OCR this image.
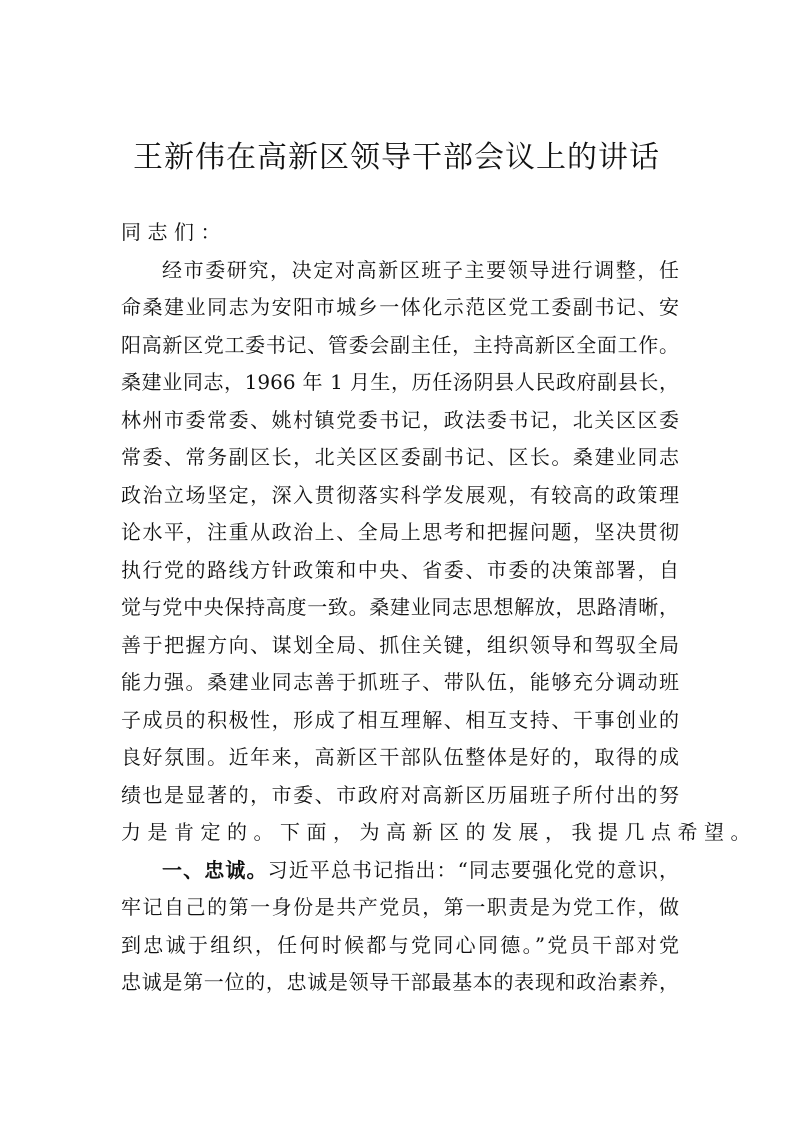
王新伟在高新区领导干部会议上的讲话
同志们：
经市委研究，决定对高新区班子主要领导进行调整，任
命桑建业同志为安阳市城乡一体化示范区党工委副书记、安
阳高新区党工委书记、管委会副主任，主持高新区全面工作。
桑建业同志，1966 年 1 月生，历任汤阴县人民政府副县长，
林州市委常委、姚村镇党委书记，政法委书记，北关区区委
常委、常务副区长，北关区区委副书记、区长。桑建业同志
政治立场坚定，深入贯彻落实科学发展观，有较高的政策理
论水平，注重从政治上、全局上思考和把握问题，坚决贯彻
执行党的路线方针政策和中央、省委、市委的决策部署，自
觉与党中央保持高度一致。桑建业同志思想解放，思路清晰，
善于把握方向、谋划全局、抓住关键，组织领导和驾驭全局
能力强。桑建业同志善于抓班子、带队伍，能够充分调动班
子成员的积极性，形成了相互理解、相互支持、干事创业的
良好氛围。近年来，高新区干部队伍整体是好的，取得的成
绩也是显著的，市委、市政府对高新区历届班子所付出的努
力是肯定的。下面，为高新区的发展，我提几点希望。
一、忠诚。习近平总书记指出：“同志要强化党的意识，
牢记自己的第一身份是共产党员，第一职责是为党工作，做
到忠诚于组织，任何时候都与党同心同德。”党员干部对党
忠诚是第一位的，忠诚是领导干部最基本的表现和政治素养，
